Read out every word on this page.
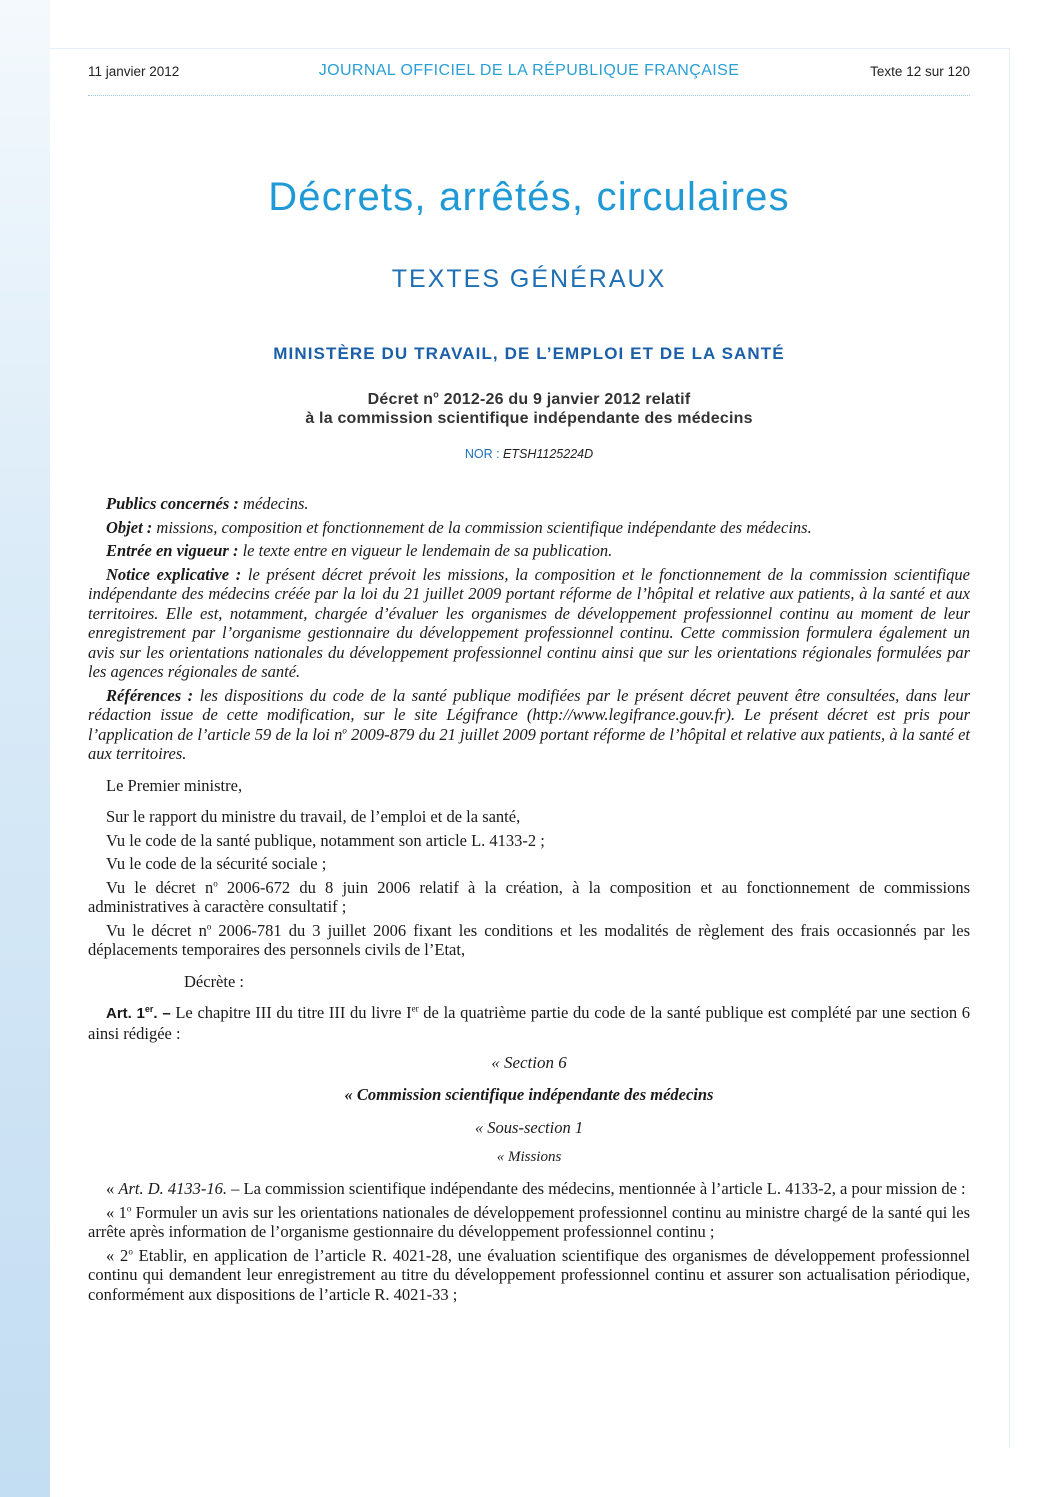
11 janvier 2012	JOURNAL OFFICIEL DE LA RÉPUBLIQUE FRANÇAISE	Texte 12 sur 120
Décrets, arrêtés, circulaires
TEXTES GÉNÉRAUX
MINISTÈRE DU TRAVAIL, DE L’EMPLOI ET DE LA SANTÉ
Décret $n^o$ 2012-26 du 9 janvier 2012 relatif
à la commission scientifique indépendante des médecins
NOR : ETSH1125224D

Publics concernés : médecins.

Objet : missions, composition et fonctionnement de la commission scientifique indépendante des médecins.

Entrée en vigueur : le texte entre en vigueur le lendemain de sa publication.

Notice explicative : le présent décret prévoit les missions, la composition et le fonctionnement de la commission scientifique indépendante des médecins créée par la loi du 21 juillet 2009 portant réforme de l’hôpital et relative aux patients, à la santé et aux territoires. Elle est, notamment, chargée d’évaluer les organismes de développement professionnel continu au moment de leur enregistrement par l’organisme gestionnaire du développement professionnel continu. Cette commission formulera également un avis sur les orientations nationales du développement professionnel continu ainsi que sur les orientations régionales formulées par les agences régionales de santé.

Références : les dispositions du code de la santé publique modifiées par le présent décret peuvent être consultées, dans leur rédaction issue de cette modification, sur le site Légifrance (http://www.legifrance.gouv.fr). Le présent décret est pris pour l’application de l’article 59 de la loi $n^o$ 2009-879 du 21 juillet 2009 portant réforme de l’hôpital et relative aux patients, à la santé et aux territoires.

Le Premier ministre,

Sur le rapport du ministre du travail, de l’emploi et de la santé,

Vu le code de la santé publique, notamment son article L. 4133-2 ;

Vu le code de la sécurité sociale ;

Vu le décret $n^o$ 2006-672 du 8 juin 2006 relatif à la création, à la composition et au fonctionnement de commissions administratives à caractère consultatif ;

Vu le décret $n^o$ 2006-781 du 3 juillet 2006 fixant les conditions et les modalités de règlement des frais occasionnés par les déplacements temporaires des personnels civils de l’Etat,

Décrète :

Art. 1er. – Le chapitre III du titre III du livre Ier de la quatrième partie du code de la santé publique est complété par une section 6 ainsi rédigée :

« Section 6

« Commission scientifique indépendante des médecins

« Sous-section 1

« Missions

« Art. D. 4133-16. – La commission scientifique indépendante des médecins, mentionnée à l’article L. 4133-2, a pour mission de :

« 1$^o$ Formuler un avis sur les orientations nationales de développement professionnel continu au ministre chargé de la santé qui les arrête après information de l’organisme gestionnaire du développement professionnel continu ;

« 2$^o$ Etablir, en application de l’article R. 4021-28, une évaluation scientifique des organismes de développement professionnel continu qui demandent leur enregistrement au titre du développement professionnel continu et assurer son actualisation périodique, conformément aux dispositions de l’article R. 4021-33 ;
